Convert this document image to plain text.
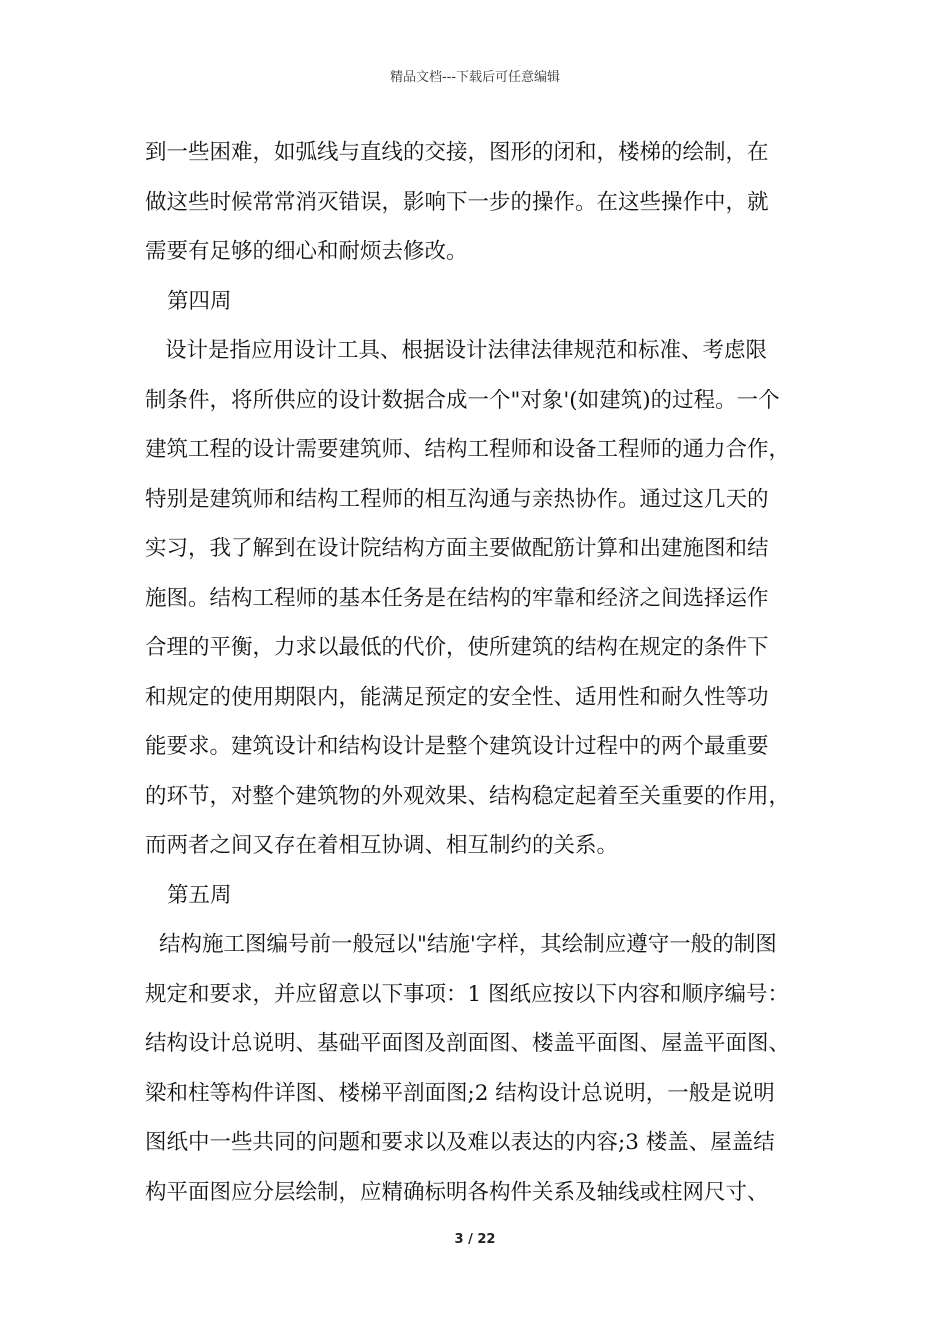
精品文档---下载后可任意编辑
到一些困难，如弧线与直线的交接，图形的闭和，楼梯的绘制，在
做这些时候常常消灭错误，影响下一步的操作。在这些操作中，就
需要有足够的细心和耐烦去修改。
第四周
设计是指应用设计工具、根据设计法律法律规范和标准、考虑限
制条件，将所供应的设计数据合成一个"对象'(如建筑)的过程。一个
建筑工程的设计需要建筑师、结构工程师和设备工程师的通力合作，
特别是建筑师和结构工程师的相互沟通与亲热协作。通过这几天的
实习，我了解到在设计院结构方面主要做配筋计算和出建施图和结
施图。结构工程师的基本任务是在结构的牢靠和经济之间选择运作
合理的平衡，力求以最低的代价，使所建筑的结构在规定的条件下
和规定的使用期限内，能满足预定的安全性、适用性和耐久性等功
能要求。建筑设计和结构设计是整个建筑设计过程中的两个最重要
的环节，对整个建筑物的外观效果、结构稳定起着至关重要的作用，
而两者之间又存在着相互协调、相互制约的关系。
第五周
结构施工图编号前一般冠以"结施'字样，其绘制应遵守一般的制图
规定和要求，并应留意以下事项：1 图纸应按以下内容和顺序编号：
结构设计总说明、基础平面图及剖面图、楼盖平面图、屋盖平面图、
梁和柱等构件详图、楼梯平剖面图;2 结构设计总说明，一般是说明
图纸中一些共同的问题和要求以及难以表达的内容;3 楼盖、屋盖结
构平面图应分层绘制，应精确标明各构件关系及轴线或柱网尺寸、
3 / 22
